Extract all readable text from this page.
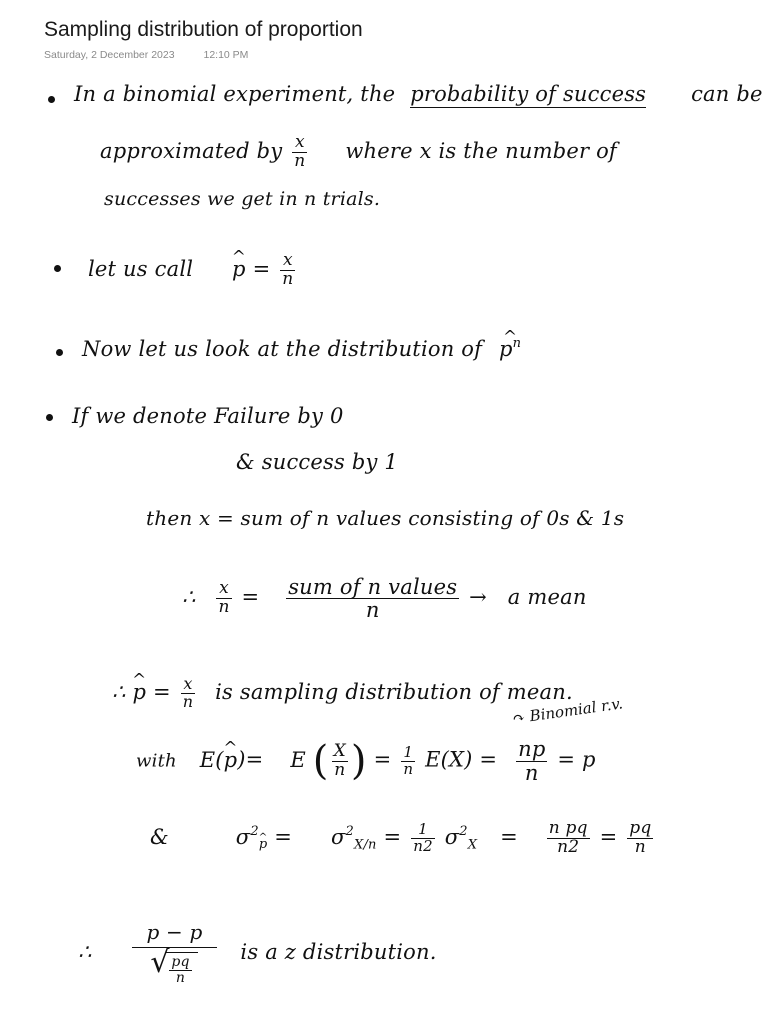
Sampling distribution of proportion
Saturday, 2 December 2023	12:10 PM
In a binomial experiment, the probability of success can be
approximated by $\frac{x}{n}$ where x is the number of
successes we get in n trials.
let us call ^ $p = \frac{x}{n}$
Now let us look at the distribution of ^ $p^n$
If we denote Failure by 0
& success by 1
then x = sum of n values consisting of 0s & 1s
∴ $\frac{x}{n} = \frac{\text{sum of n values}}{n} \to a$ mean
∴ ^ $p = \frac{x}{n}$ is sampling distribution of mean.
↷ Binomial r.v.
with E(^ p)= E ( $\frac{X}{n}$ ) = $\frac{1}{n} E(X) = \frac{np}{n} = p$
&	$\sigma^2\^{}$ $p = \sigma^2_{X/n} = \frac{1}{n2} \sigma^2_X = \frac{\text{n pq}}{n2} = \frac{pq}{n}$
∴ p − p
√ $\frac{pq}{n}$ is a z distribution.
